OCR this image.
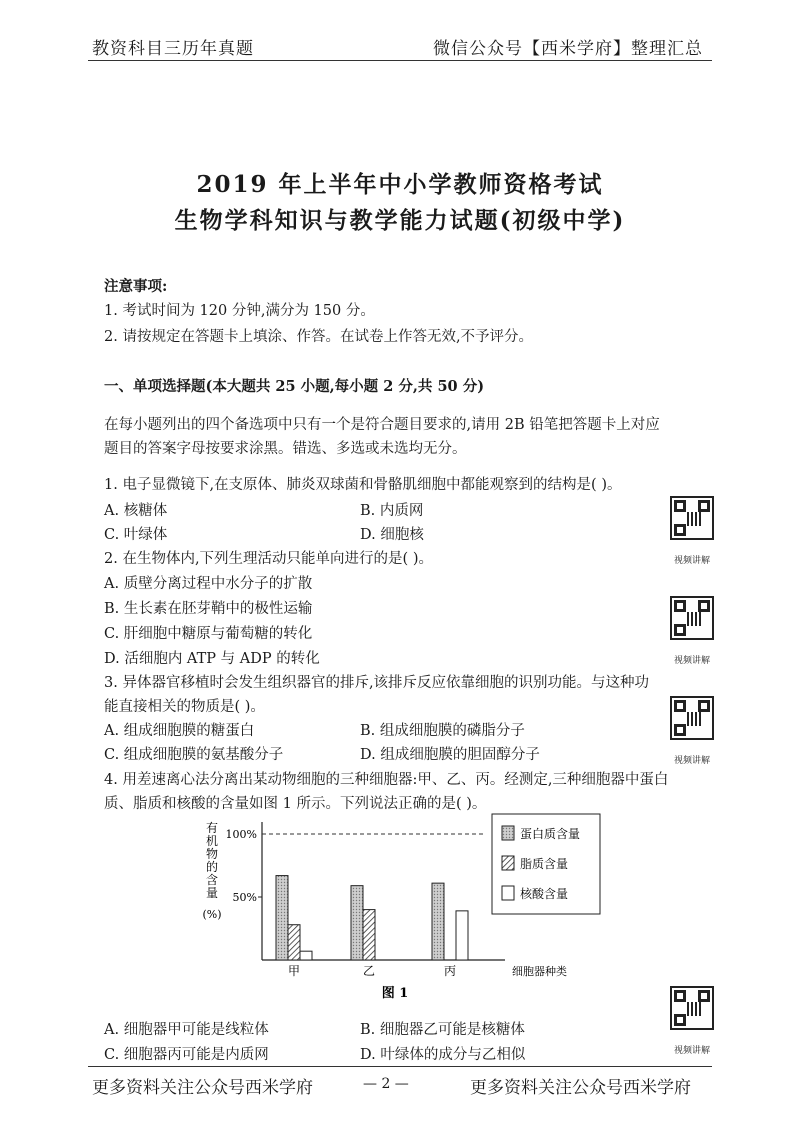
教资科目三历年真题	微信公众号【西米学府】整理汇总
2019 年上半年中小学教师资格考试
生物学科知识与教学能力试题(初级中学)
注意事项:
1. 考试时间为 120 分钟,满分为 150 分。
2. 请按规定在答题卡上填涂、作答。在试卷上作答无效,不予评分。
一、单项选择题(本大题共 25 小题,每小题 2 分,共 50 分)
在每小题列出的四个备选项中只有一个是符合题目要求的,请用 2B 铅笔把答题卡上对应
题目的答案字母按要求涂黑。错选、多选或未选均无分。
1. 电子显微镜下,在支原体、肺炎双球菌和骨骼肌细胞中都能观察到的结构是( )。
A. 核糖体	B. 内质网
C. 叶绿体	D. 细胞核
2. 在生物体内,下列生理活动只能单向进行的是( )。
A. 质壁分离过程中水分子的扩散
B. 生长素在胚芽鞘中的极性运输
C. 肝细胞中糖原与葡萄糖的转化
D. 活细胞内 ATP 与 ADP 的转化
3. 异体器官移植时会发生组织器官的排斥,该排斥反应依靠细胞的识别功能。与这种功
能直接相关的物质是( )。
A. 组成细胞膜的糖蛋白	B. 组成细胞膜的磷脂分子
C. 组成细胞膜的氨基酸分子	D. 组成细胞膜的胆固醇分子
4. 用差速离心法分离出某动物细胞的三种细胞器:甲、乙、丙。经测定,三种细胞器中蛋白
质、脂质和核酸的含量如图 1 所示。下列说法正确的是( )。
100%
50%
有
机
物
的
含
量
(%)
甲	乙	丙	细胞器种类
图 1
蛋白质含量
脂质含量
核酸含量
A. 细胞器甲可能是线粒体	B. 细胞器乙可能是核糖体
C. 细胞器丙可能是内质网	D. 叶绿体的成分与乙相似
视频讲解
视频讲解
视频讲解
视频讲解
更多资料关注公众号西米学府	— 2 —	更多资料关注公众号西米学府
